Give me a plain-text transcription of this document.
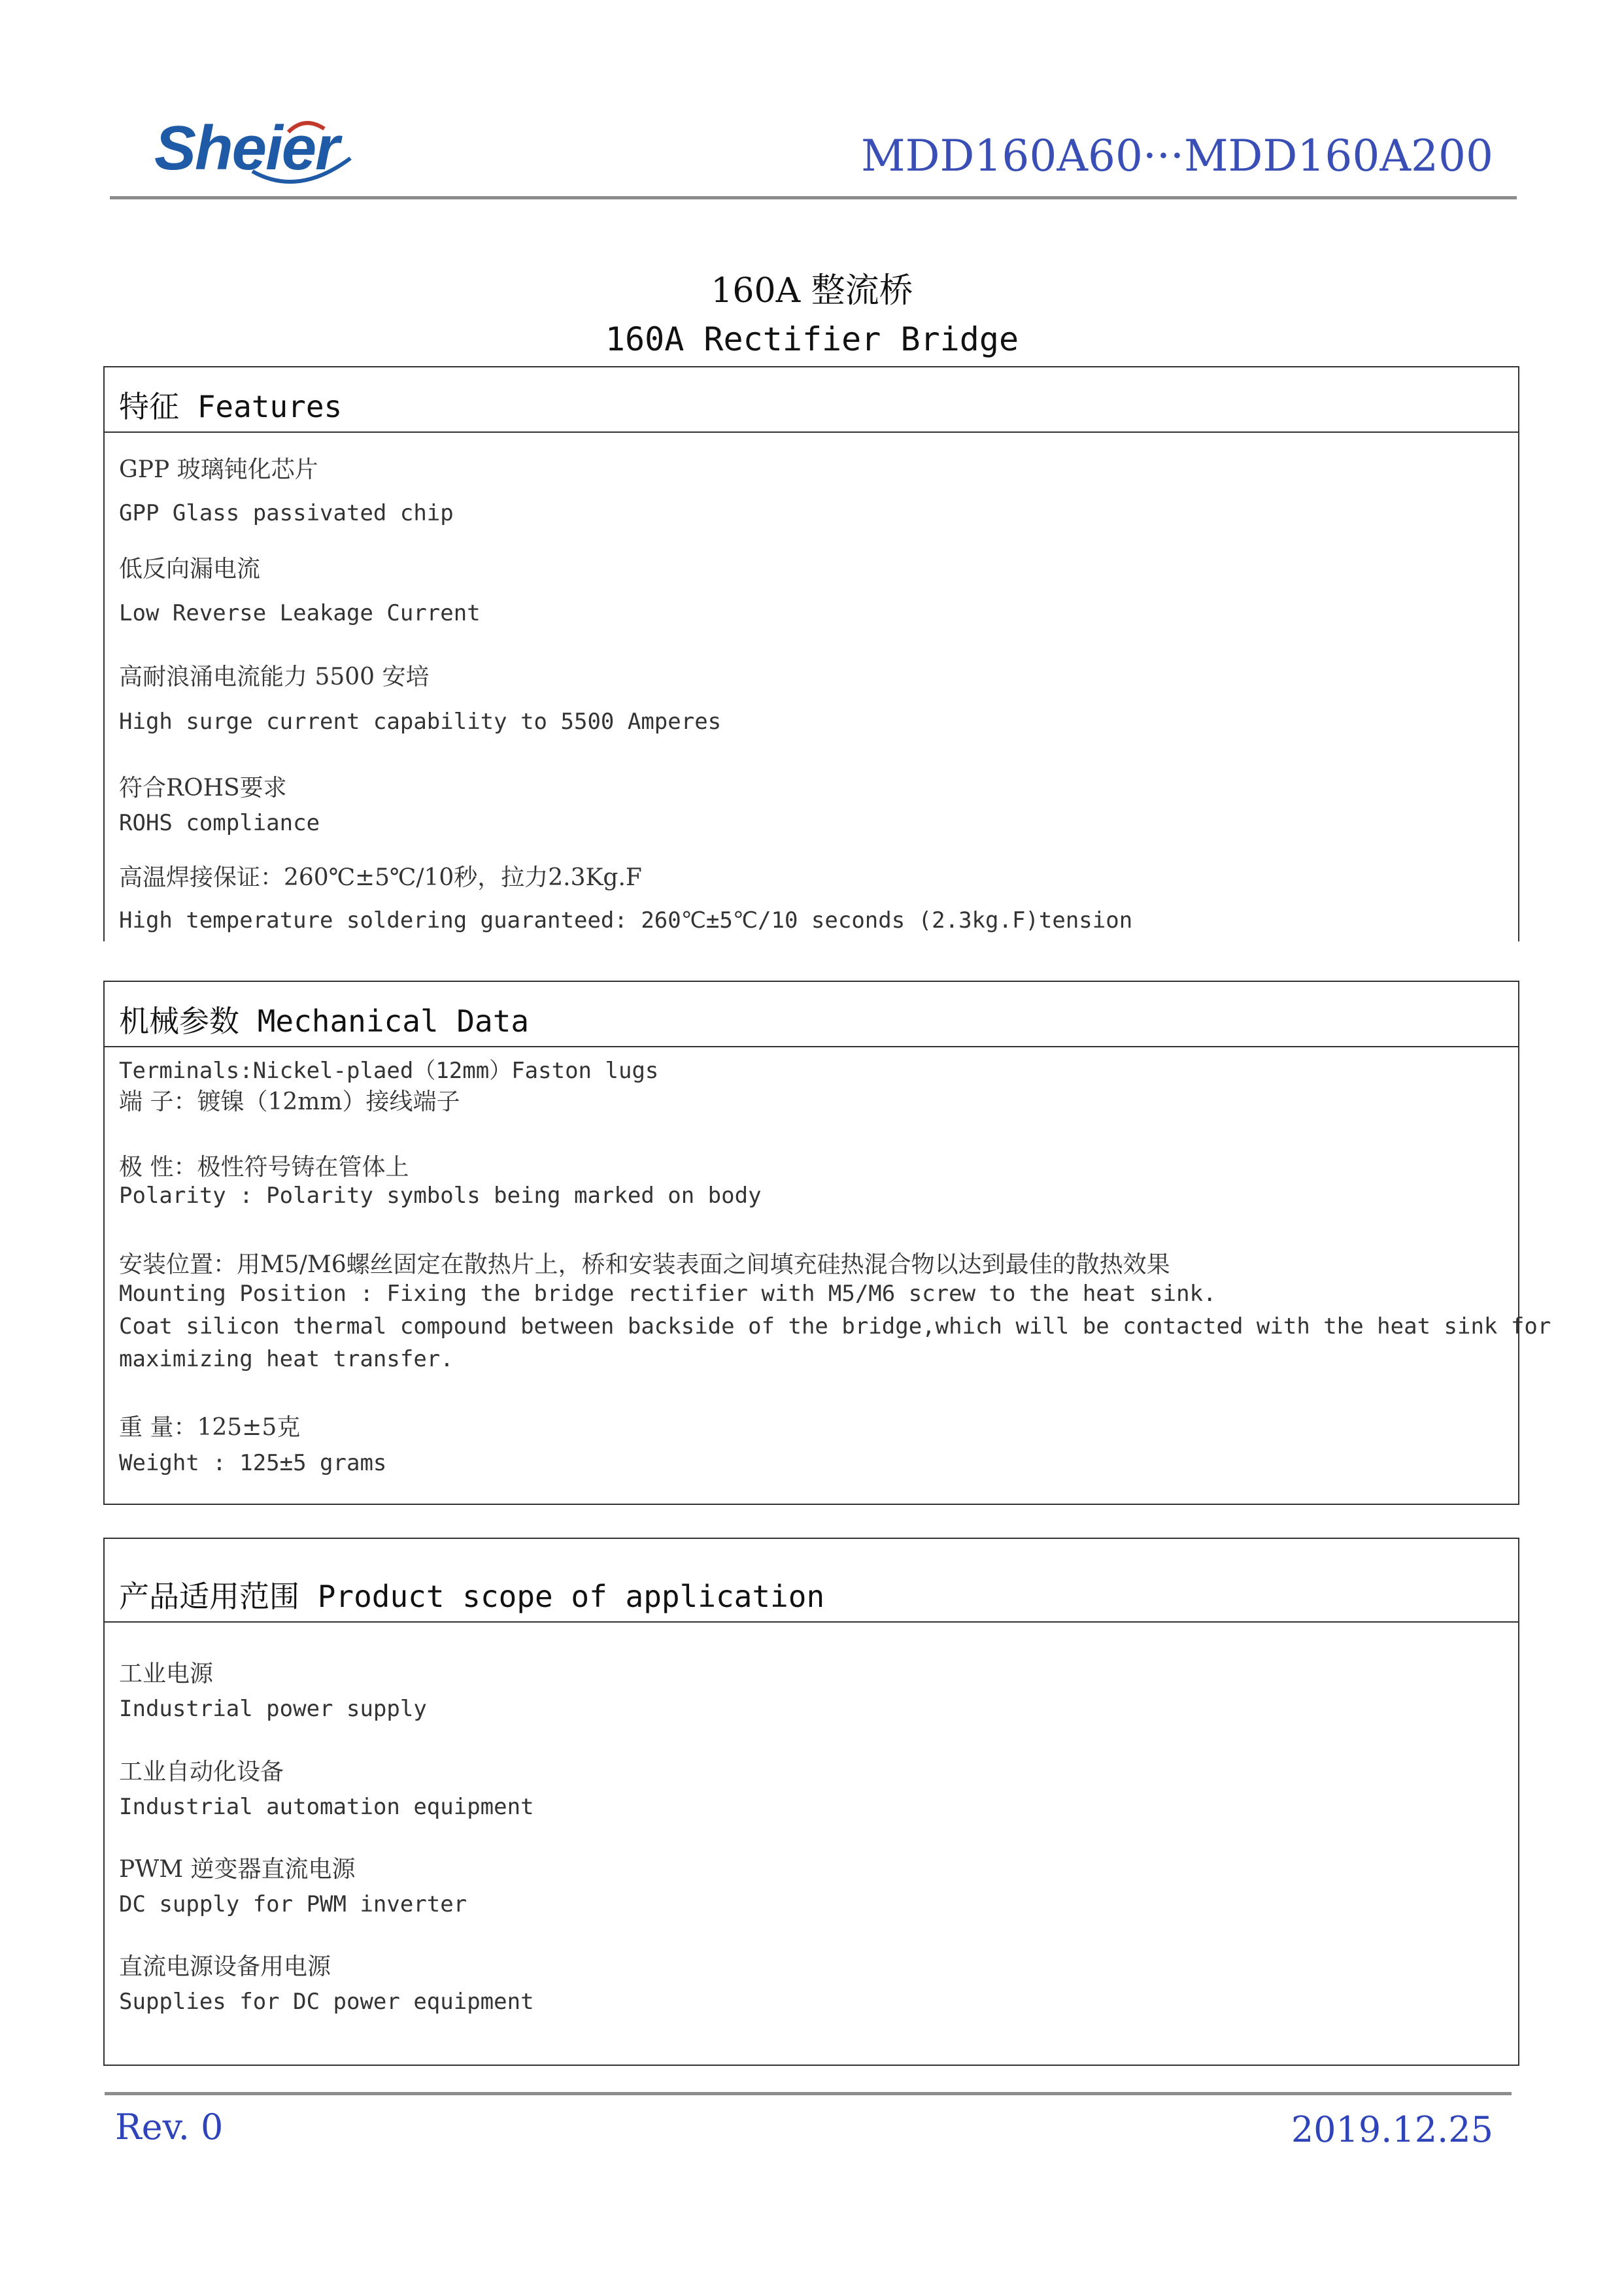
Sheier	MDD160A60···MDD160A200
160A 整流桥
160A Rectifier Bridge
特征 Features
GPP 玻璃钝化芯片
GPP Glass passivated chip
低反向漏电流
Low Reverse Leakage Current
高耐浪涌电流能力 5500 安培
High surge current capability to 5500 Amperes
符合ROHS要求
ROHS compliance
高温焊接保证：260℃±5℃/10秒，拉力2.3Kg.F
High temperature soldering guaranteed: 260℃±5℃/10 seconds (2.3kg.F)tension
机械参数 Mechanical Data
Terminals:Nickel-plaed（12mm）Faston lugs
端 子：镀镍（12mm）接线端子
极 性：极性符号铸在管体上
Polarity : Polarity symbols being marked on body
安装位置：用M5/M6螺丝固定在散热片上，桥和安装表面之间填充硅热混合物以达到最佳的散热效果
Mounting Position : Fixing the bridge rectifier with M5/M6 screw to the heat sink.
Coat silicon thermal compound between backside of the bridge,which will be contacted with the heat sink for
maximizing heat transfer.
重 量：125±5克
Weight : 125±5 grams
产品适用范围 Product scope of application
工业电源
Industrial power supply
工业自动化设备
Industrial automation equipment
PWM 逆变器直流电源
DC supply for PWM inverter
直流电源设备用电源
Supplies for DC power equipment
Rev. 0	2019.12.25
